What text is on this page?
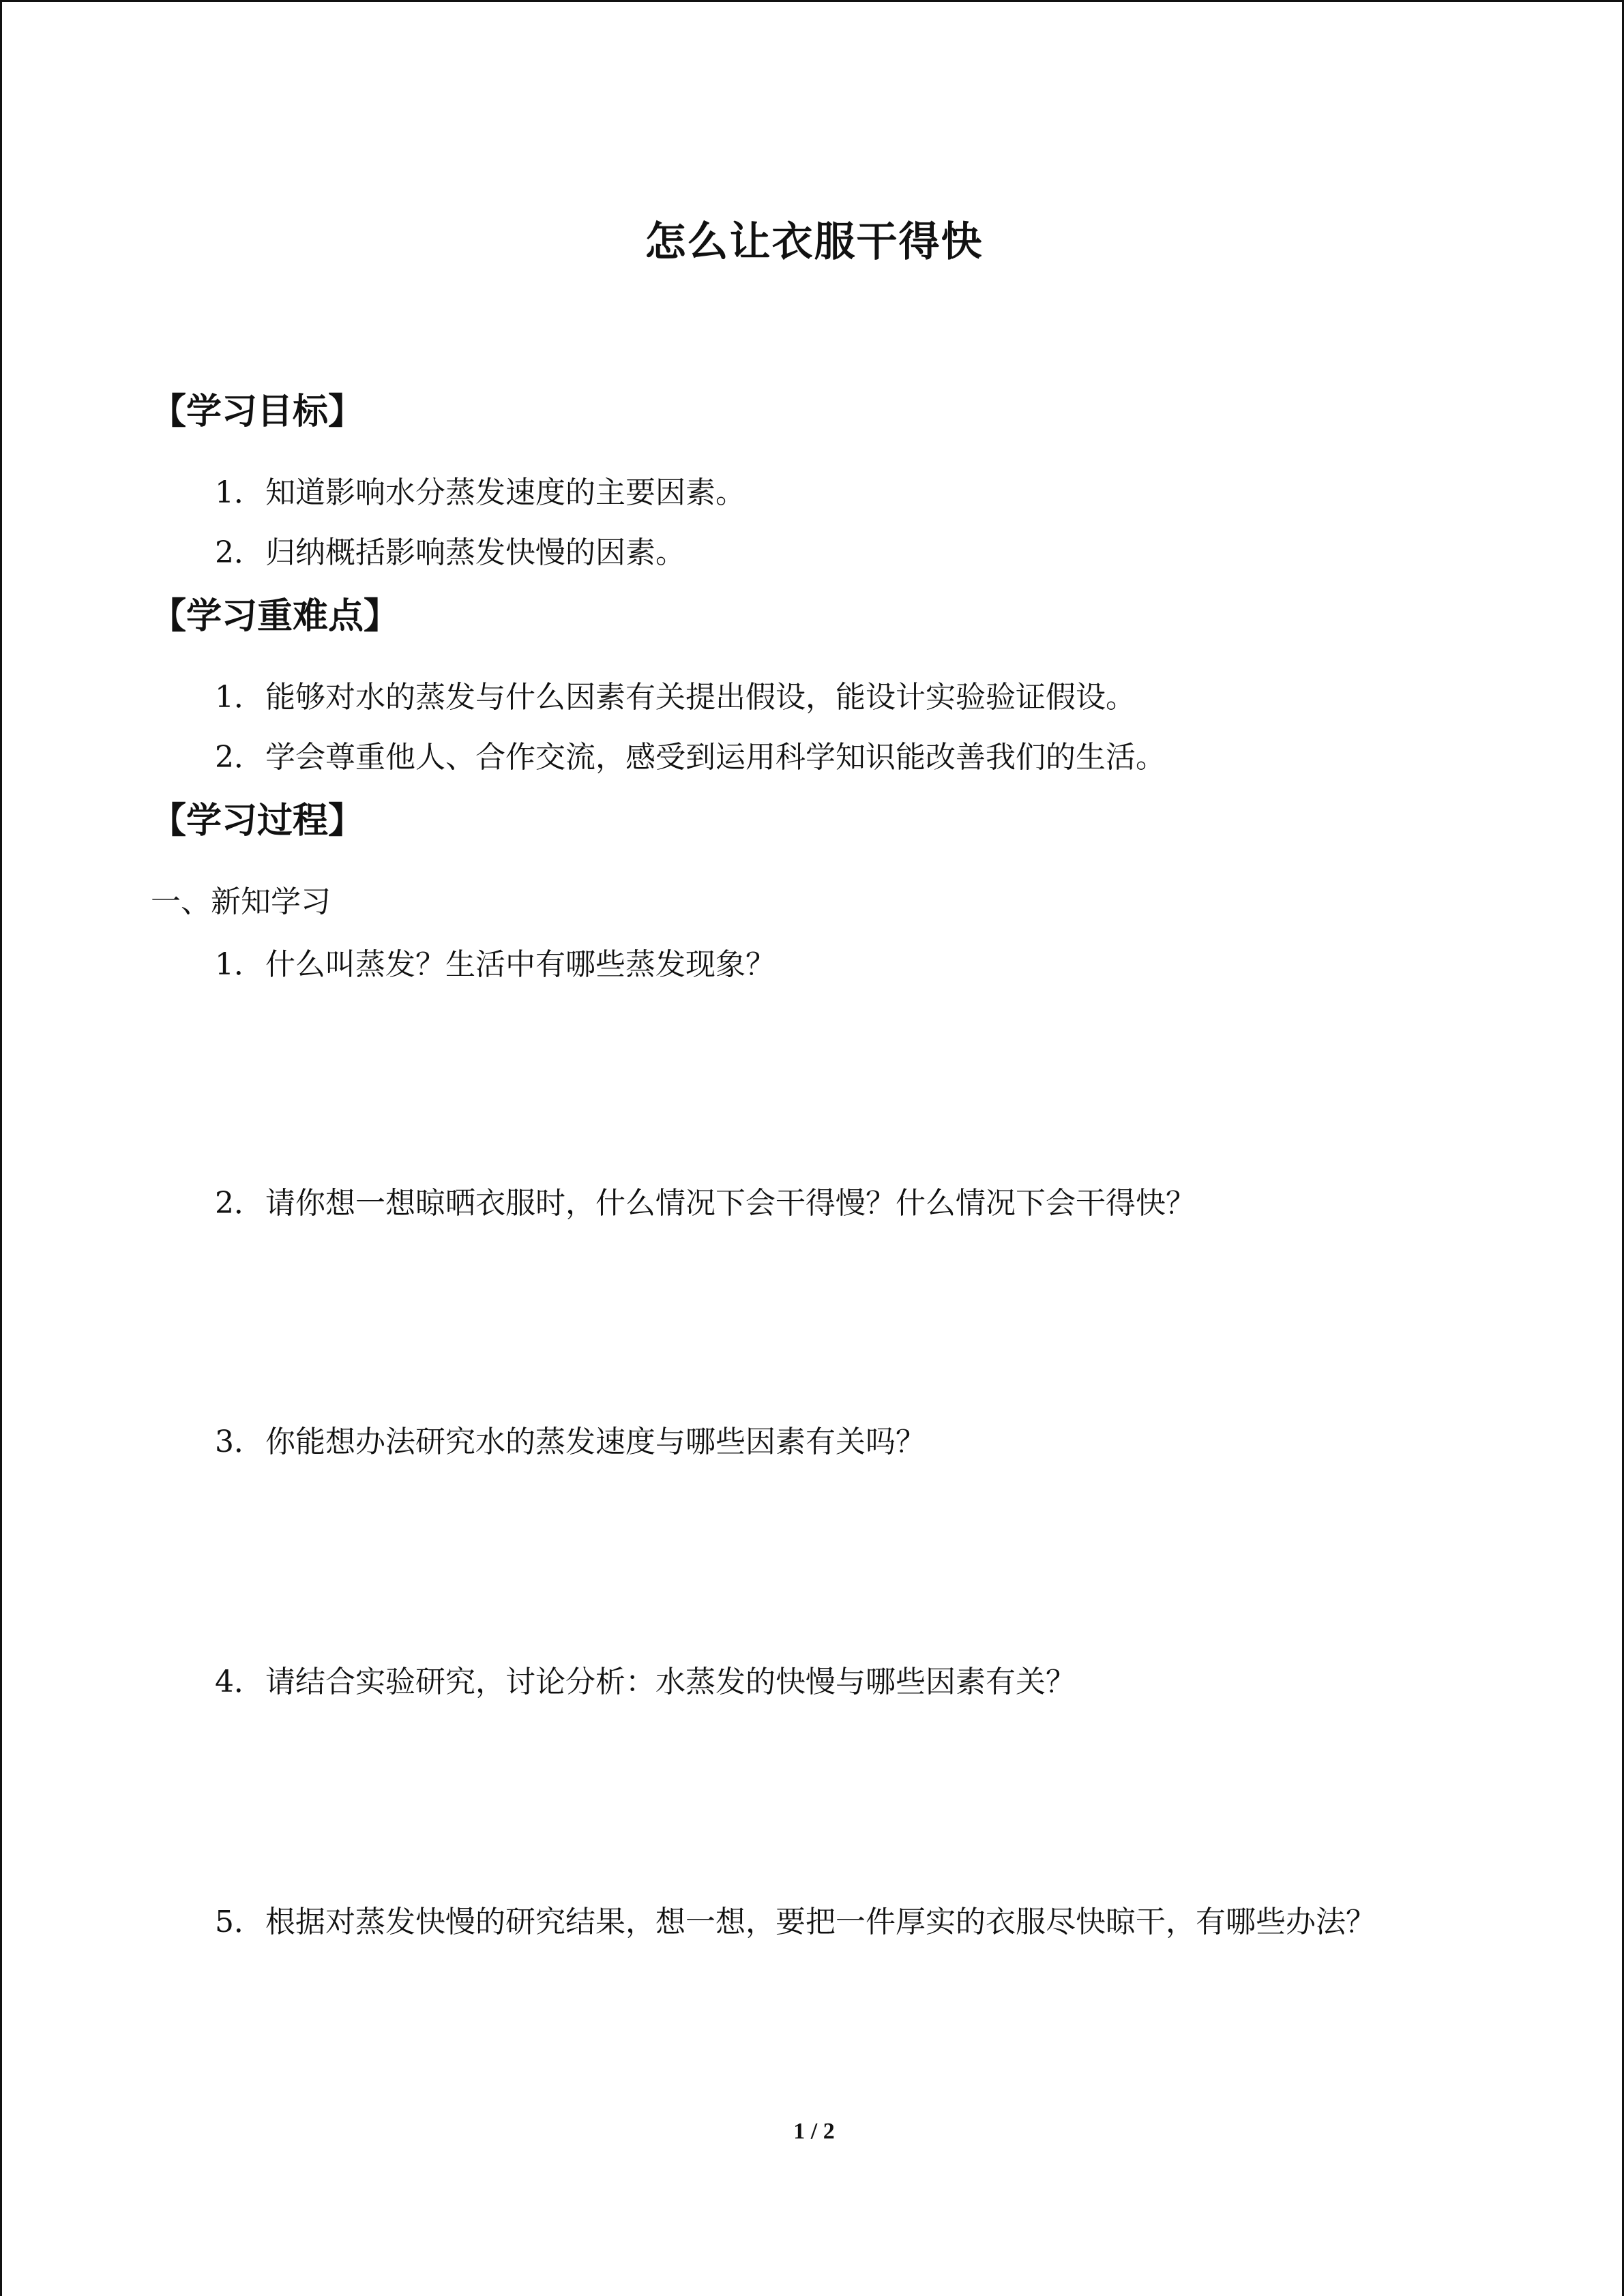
怎么让衣服干得快
【学习目标】

1．知道影响水分蒸发速度的主要因素。

2．归纳概括影响蒸发快慢的因素。

【学习重难点】

1．能够对水的蒸发与什么因素有关提出假设，能设计实验验证假设。

2．学会尊重他人、合作交流，感受到运用科学知识能改善我们的生活。

【学习过程】

一、新知学习

1．什么叫蒸发？生活中有哪些蒸发现象？

2．请你想一想晾晒衣服时，什么情况下会干得慢？什么情况下会干得快？

3．你能想办法研究水的蒸发速度与哪些因素有关吗？

4．请结合实验研究，讨论分析：水蒸发的快慢与哪些因素有关？

5．根据对蒸发快慢的研究结果，想一想，要把一件厚实的衣服尽快晾干，有哪些办法？

1 / 2
